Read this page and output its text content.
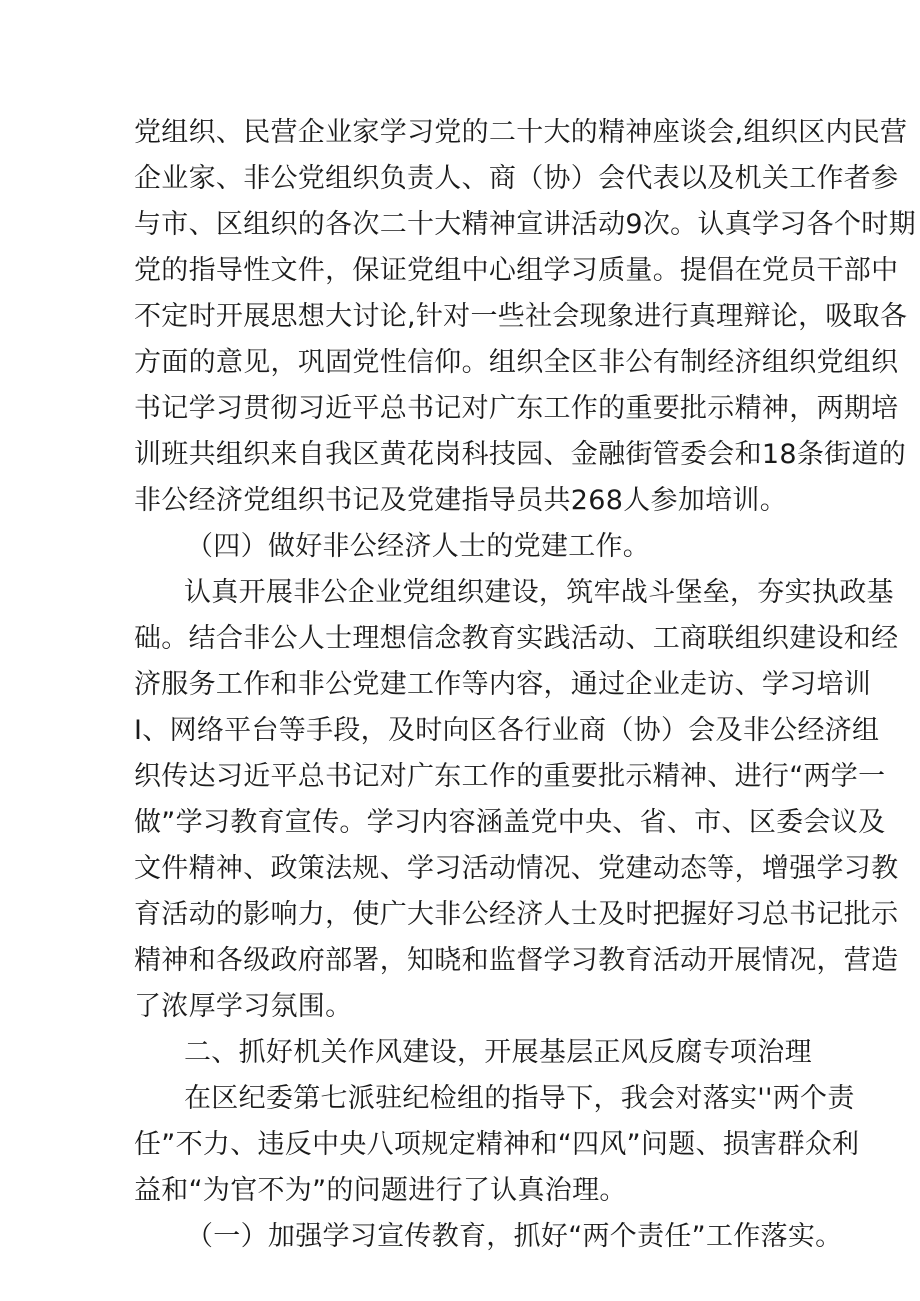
党组织、民营企业家学习党的二十大的精神座谈会,组织区内民营
企业家、非公党组织负责人、商（协）会代表以及机关工作者参
与市、区组织的各次二十大精神宣讲活动9次。认真学习各个时期
党的指导性文件，保证党组中心组学习质量。提倡在党员干部中
不定时开展思想大讨论,针对一些社会现象进行真理辩论，吸取各
方面的意见，巩固党性信仰。组织全区非公有制经济组织党组织
书记学习贯彻习近平总书记对广东工作的重要批示精神，两期培
训班共组织来自我区黄花岗科技园、金融街管委会和18条街道的
非公经济党组织书记及党建指导员共268人参加培训。
（四）做好非公经济人士的党建工作。
认真开展非公企业党组织建设，筑牢战斗堡垒，夯实执政基
础。结合非公人士理想信念教育实践活动、工商联组织建设和经
济服务工作和非公党建工作等内容，通过企业走访、学习培训
I、网络平台等手段，及时向区各行业商（协）会及非公经济组
织传达习近平总书记对广东工作的重要批示精神、进行“两学一
做”学习教育宣传。学习内容涵盖党中央、省、市、区委会议及
文件精神、政策法规、学习活动情况、党建动态等，增强学习教
育活动的影响力，使广大非公经济人士及时把握好习总书记批示
精神和各级政府部署，知晓和监督学习教育活动开展情况，营造
了浓厚学习氛围。
二、抓好机关作风建设，开展基层正风反腐专项治理
在区纪委第七派驻纪检组的指导下，我会对落实''两个责
任”不力、违反中央八项规定精神和“四风”问题、损害群众利
益和“为官不为”的问题进行了认真治理。
（一）加强学习宣传教育，抓好“两个责任”工作落实。
